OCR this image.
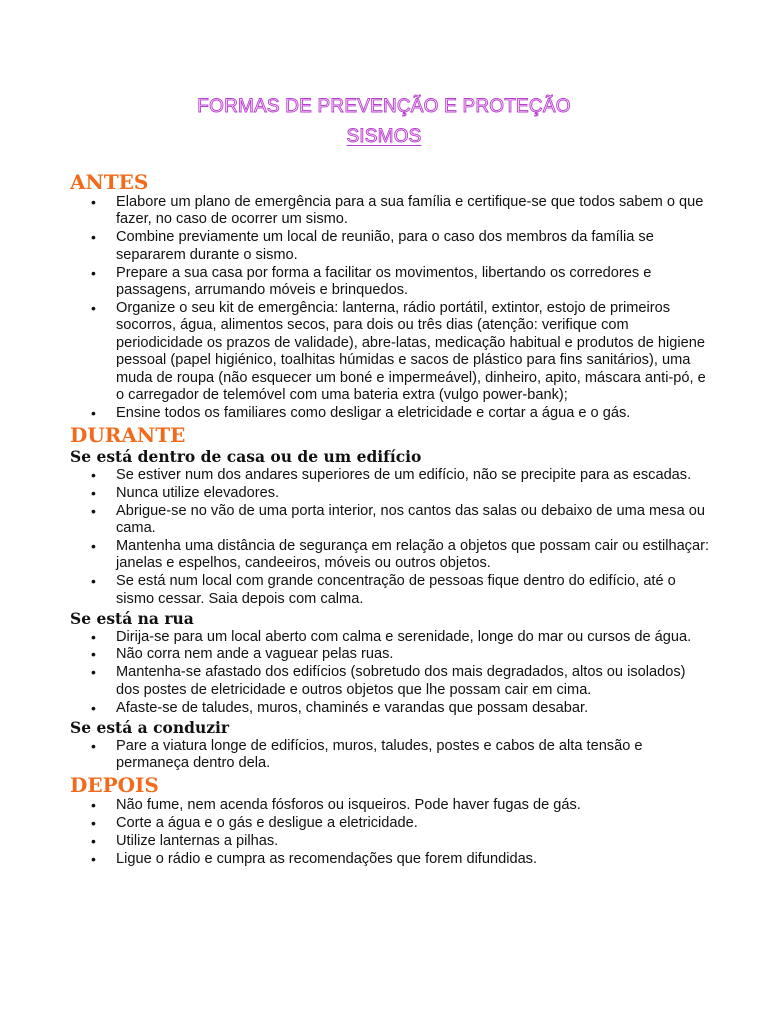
FORMAS DE PREVENÇÃO E PROTEÇÃO

SISMOS

ANTES
• Elabore um plano de emergência para a sua família e certifique-se que todos sabem o que fazer, no caso de ocorrer um sismo.
• Combine previamente um local de reunião, para o caso dos membros da família se separarem durante o sismo.
• Prepare a sua casa por forma a facilitar os movimentos, libertando os corredores e passagens, arrumando móveis e brinquedos.
• Organize o seu kit de emergência: lanterna, rádio portátil, extintor, estojo de primeiros socorros, água, alimentos secos, para dois ou três dias (atenção: verifique com periodicidade os prazos de validade), abre-latas, medicação habitual e produtos de higiene pessoal (papel higiénico, toalhitas húmidas e sacos de plástico para fins sanitários), uma muda de roupa (não esquecer um boné e impermeável), dinheiro, apito, máscara anti-pó, e o carregador de telemóvel com uma bateria extra (vulgo power-bank);
• Ensine todos os familiares como desligar a eletricidade e cortar a água e o gás.
DURANTE
Se está dentro de casa ou de um edifício
• Se estiver num dos andares superiores de um edifício, não se precipite para as escadas.
• Nunca utilize elevadores.
• Abrigue-se no vão de uma porta interior, nos cantos das salas ou debaixo de uma mesa ou cama.
• Mantenha uma distância de segurança em relação a objetos que possam cair ou estilhaçar: janelas e espelhos, candeeiros, móveis ou outros objetos.
• Se está num local com grande concentração de pessoas fique dentro do edifício, até o sismo cessar. Saia depois com calma.
Se está na rua
• Dirija-se para um local aberto com calma e serenidade, longe do mar ou cursos de água.
• Não corra nem ande a vaguear pelas ruas.
• Mantenha-se afastado dos edifícios (sobretudo dos mais degradados, altos ou isolados) dos postes de eletricidade e outros objetos que lhe possam cair em cima.
• Afaste-se de taludes, muros, chaminés e varandas que possam desabar.
Se está a conduzir
• Pare a viatura longe de edifícios, muros, taludes, postes e cabos de alta tensão e permaneça dentro dela.
DEPOIS
• Não fume, nem acenda fósforos ou isqueiros. Pode haver fugas de gás.
• Corte a água e o gás e desligue a eletricidade.
• Utilize lanternas a pilhas.
• Ligue o rádio e cumpra as recomendações que forem difundidas.
